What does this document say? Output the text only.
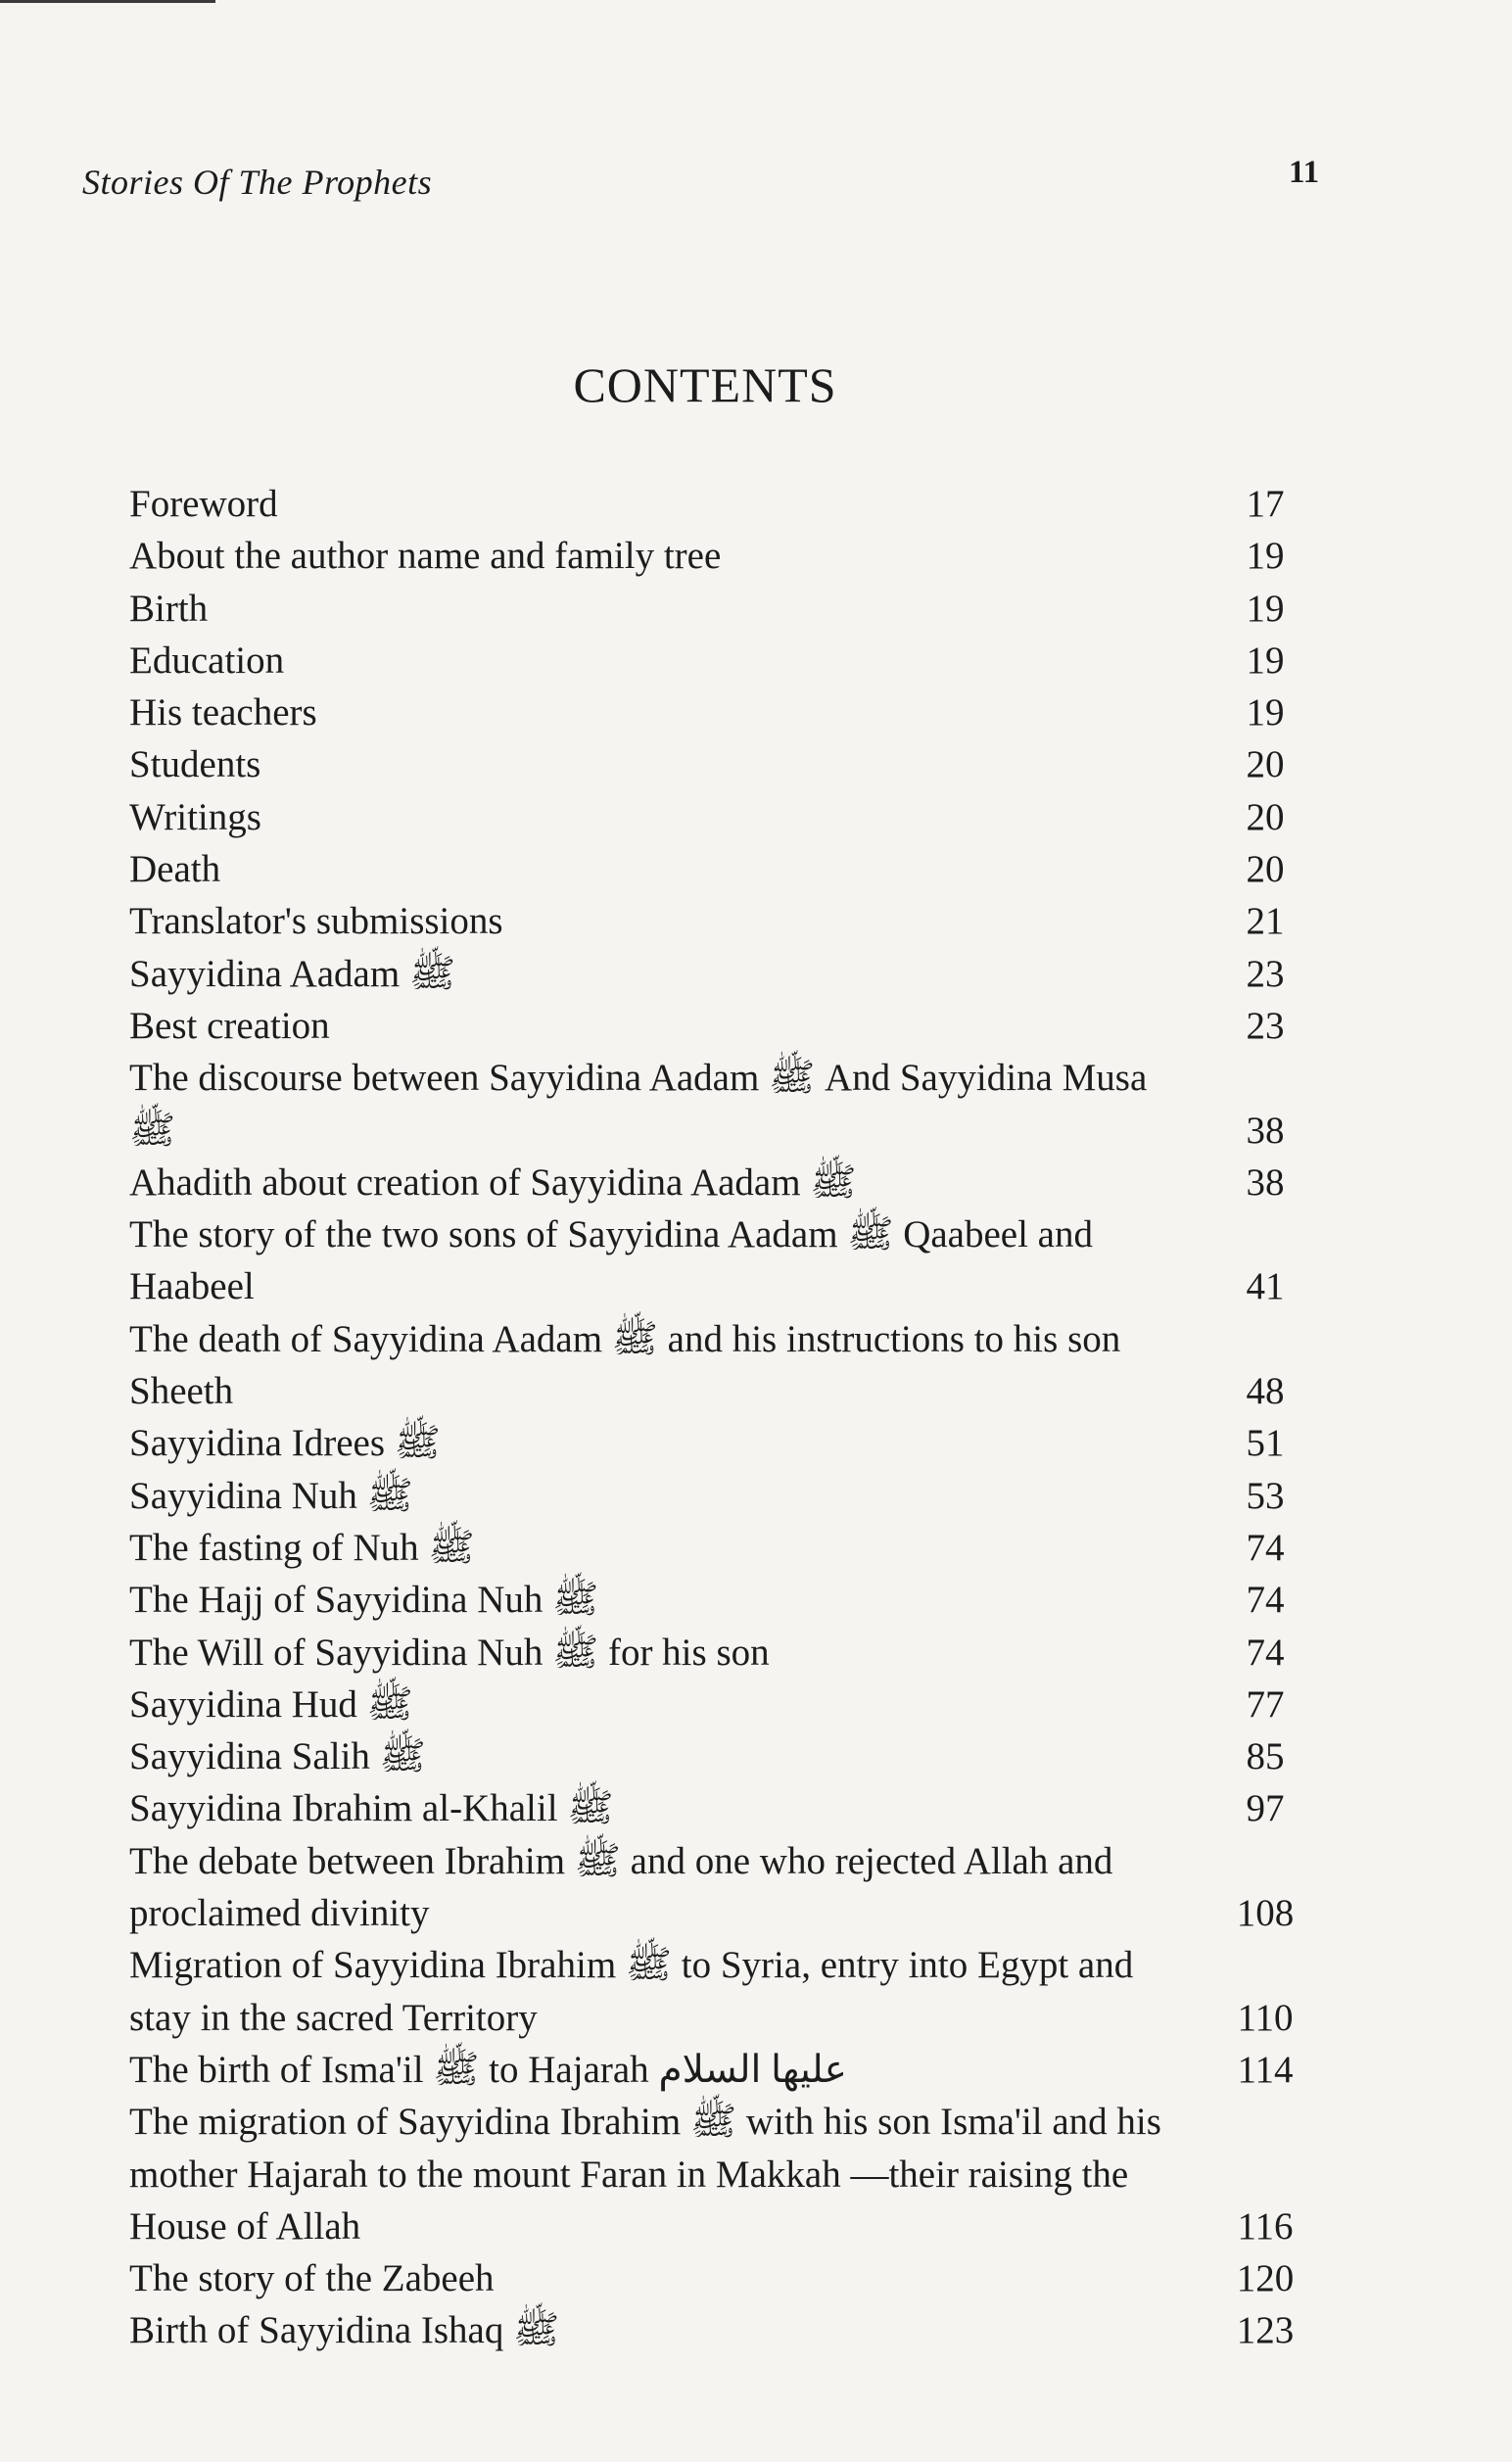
Stories Of The Prophets	11
CONTENTS
Foreword	17
About the author name and family tree	19
Birth	19
Education	19
His teachers	19
Students	20
Writings	20
Death	20
Translator's submissions	21
Sayyidina Aadam ﷺ	23
Best creation	23
The discourse between Sayyidina Aadam ﷺ And Sayyidina Musa ﷺ	38
Ahadith about creation of Sayyidina Aadam ﷺ	38
The story of the two sons of Sayyidina Aadam ﷺ Qaabeel and Haabeel	41
The death of Sayyidina Aadam ﷺ and his instructions to his son Sheeth	48
Sayyidina Idrees ﷺ	51
Sayyidina Nuh ﷺ	53
The fasting of Nuh ﷺ	74
The Hajj of Sayyidina Nuh ﷺ	74
The Will of Sayyidina Nuh ﷺ for his son	74
Sayyidina Hud ﷺ	77
Sayyidina Salih ﷺ	85
Sayyidina Ibrahim al-Khalil ﷺ	97
The debate between Ibrahim ﷺ and one who rejected Allah and proclaimed divinity	108
Migration of Sayyidina Ibrahim ﷺ to Syria, entry into Egypt and stay in the sacred Territory	110
The birth of Isma'il ﷺ to Hajarah عليها السلام	114
The migration of Sayyidina Ibrahim ﷺ with his son Isma'il and his mother Hajarah to the mount Faran in Makkah —their raising the House of Allah	116
The story of the Zabeeh	120
Birth of Sayyidina Ishaq ﷺ	123
